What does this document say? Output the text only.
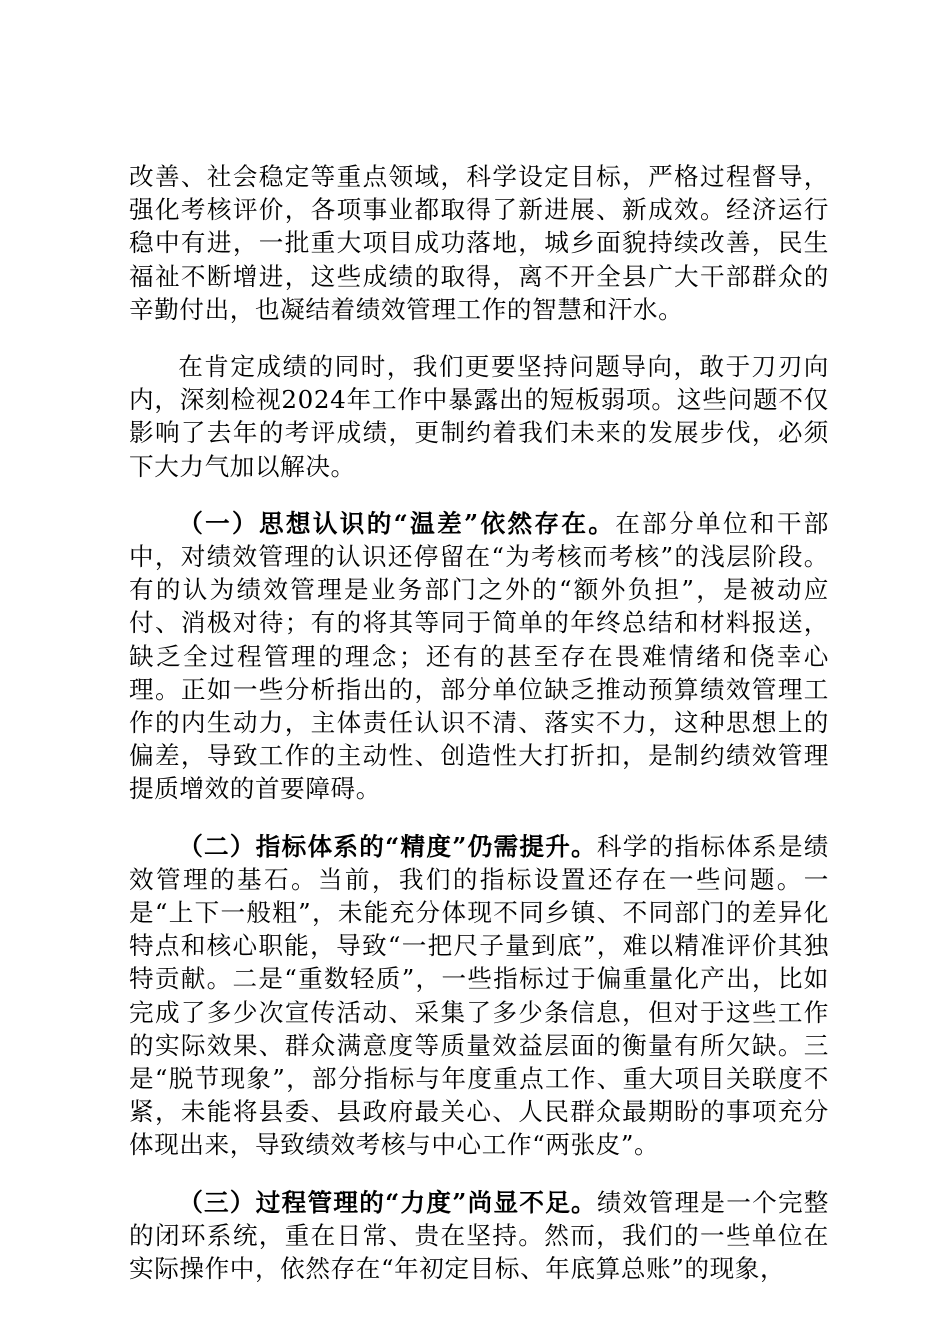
改善、社会稳定等重点领域，科学设定目标，严格过程督导，强化考核评价，各项事业都取得了新进展、新成效。经济运行稳中有进，一批重大项目成功落地，城乡面貌持续改善，民生福祉不断增进，这些成绩的取得，离不开全县广大干部群众的辛勤付出，也凝结着绩效管理工作的智慧和汗水。

在肯定成绩的同时，我们更要坚持问题导向，敢于刀刃向内，深刻检视2024年工作中暴露出的短板弱项。这些问题不仅影响了去年的考评成绩，更制约着我们未来的发展步伐，必须下大力气加以解决。

（一）思想认识的“温差”依然存在。在部分单位和干部中，对绩效管理的认识还停留在“为考核而考核”的浅层阶段。有的认为绩效管理是业务部门之外的“额外负担”，是被动应付、消极对待；有的将其等同于简单的年终总结和材料报送，缺乏全过程管理的理念；还有的甚至存在畏难情绪和侥幸心理。正如一些分析指出的，部分单位缺乏推动预算绩效管理工作的内生动力，主体责任认识不清、落实不力，这种思想上的偏差，导致工作的主动性、创造性大打折扣，是制约绩效管理提质增效的首要障碍。

（二）指标体系的“精度”仍需提升。科学的指标体系是绩效管理的基石。当前，我们的指标设置还存在一些问题。一是“上下一般粗”，未能充分体现不同乡镇、不同部门的差异化特点和核心职能，导致“一把尺子量到底”，难以精准评价其独特贡献。二是“重数轻质”，一些指标过于偏重量化产出，比如完成了多少次宣传活动、采集了多少条信息，但对于这些工作的实际效果、群众满意度等质量效益层面的衡量有所欠缺。三是“脱节现象”，部分指标与年度重点工作、重大项目关联度不紧，未能将县委、县政府最关心、人民群众最期盼的事项充分体现出来，导致绩效考核与中心工作“两张皮”。

（三）过程管理的“力度”尚显不足。绩效管理是一个完整的闭环系统，重在日常、贵在坚持。然而，我们的一些单位在实际操作中，依然存在“年初定目标、年底算总账”的现象，
